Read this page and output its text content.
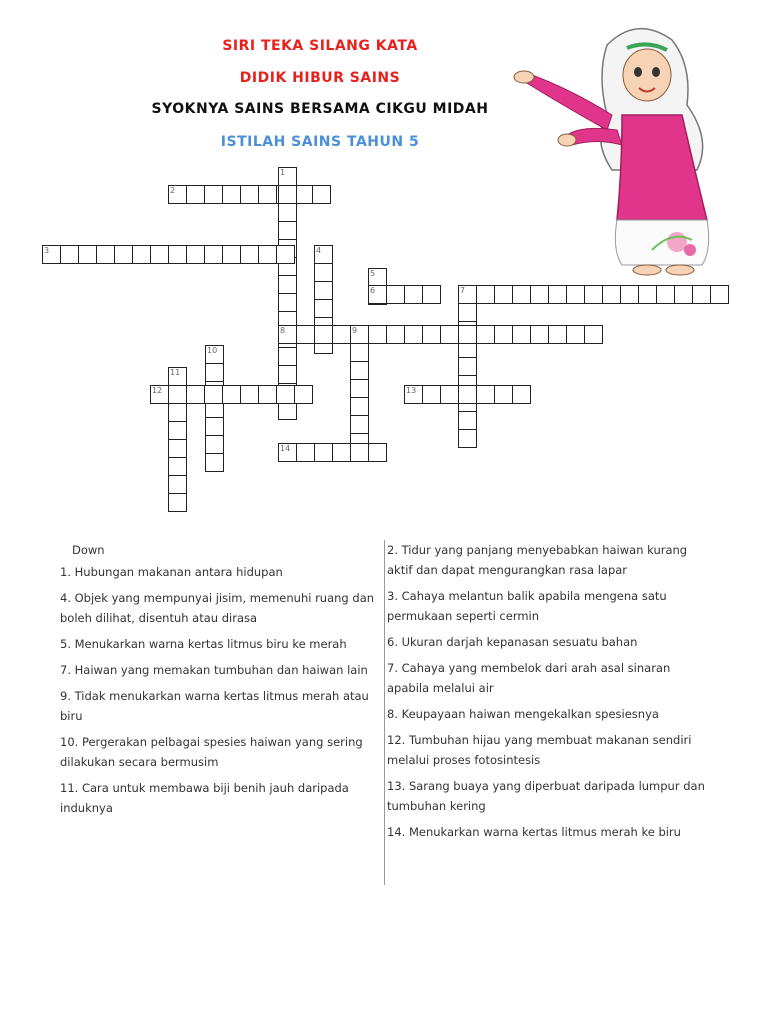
SIRI TEKA SILANG KATA
DIDIK HIBUR SAINS
SYOKNYA SAINS BERSAMA CIKGU MIDAH
ISTILAH SAINS TAHUN 5
2
1
3	4
5
6	7
8	9
10
11
12	13
14
Down
1. Hubungan makanan antara hidupan
4. Objek yang mempunyai jisim, memenuhi ruang dan boleh dilihat, disentuh atau dirasa
5. Menukarkan warna kertas litmus biru ke merah
7. Haiwan yang memakan tumbuhan dan haiwan lain
9. Tidak menukarkan warna kertas litmus merah atau biru
10. Pergerakan pelbagai spesies haiwan yang sering dilakukan secara bermusim
11. Cara untuk membawa biji benih jauh daripada induknya
2. Tidur yang panjang menyebabkan haiwan kurang aktif dan dapat mengurangkan rasa lapar
3. Cahaya melantun balik apabila mengena satu permukaan seperti cermin
6. Ukuran darjah kepanasan sesuatu bahan
7. Cahaya yang membelok dari arah asal sinaran apabila melalui air
8. Keupayaan haiwan mengekalkan spesiesnya
12. Tumbuhan hijau yang membuat makanan sendiri melalui proses fotosintesis
13. Sarang buaya yang diperbuat daripada lumpur dan tumbuhan kering
14. Menukarkan warna kertas litmus merah ke biru
